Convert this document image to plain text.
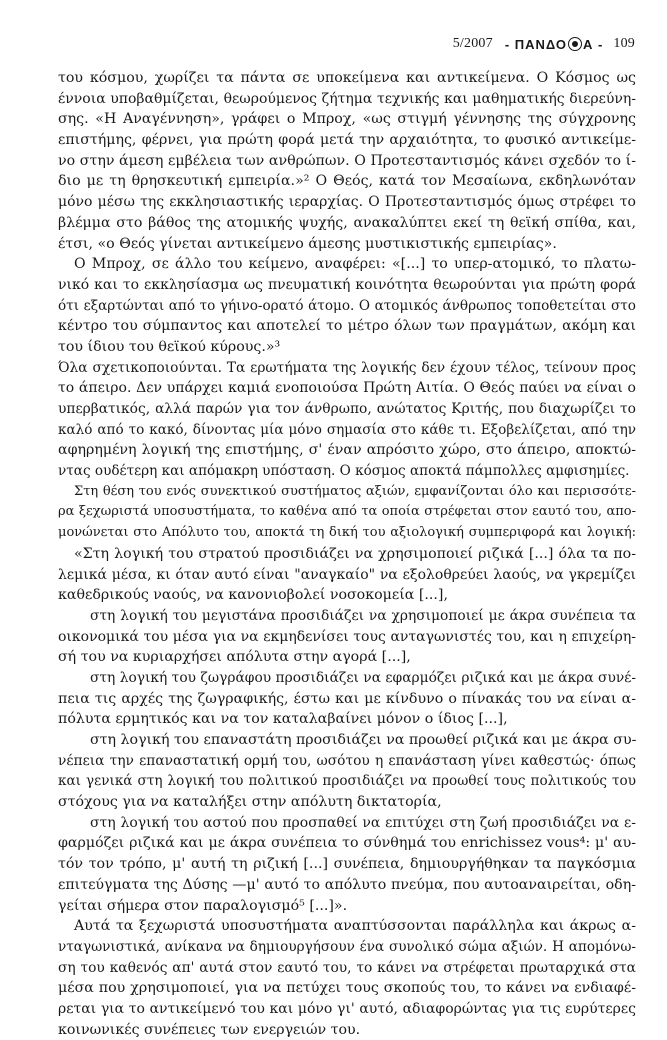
5/2007 - ΠΑΝΔΟ Α - 109
του κόσμου, χωρίζει τα πάντα σε υποκείμενα και αντικείμενα. Ο Κόσμος ως
έννοια υποβαθμίζεται, θεωρούμενος ζήτημα τεχνικής και μαθηματικής διερεύνη-
σης. «Η Αναγέννηση», γράφει ο Μπροχ, «ως στιγμή γέννησης της σύγχρονης
επιστήμης, φέρνει, για πρώτη φορά μετά την αρχαιότητα, το φυσικό αντικείμε-
νο στην άμεση εμβέλεια των ανθρώπων. Ο Προτεσταντισμός κάνει σχεδόν το ί-
διο με τη θρησκευτική εμπειρία.»² Ο Θεός, κατά τον Μεσαίωνα, εκδηλωνόταν
μόνο μέσω της εκκλησιαστικής ιεραρχίας. Ο Προτεσταντισμός όμως στρέφει το
βλέμμα στο βάθος της ατομικής ψυχής, ανακαλύπτει εκεί τη θεϊκή σπίθα, και,
έτσι, «ο Θεός γίνεται αντικείμενο άμεσης μυστικιστικής εμπειρίας».
Ο Μπροχ, σε άλλο του κείμενο, αναφέρει: «[...] το υπερ-ατομικό, το πλατω-
νικό και το εκκλησίασμα ως πνευματική κοινότητα θεωρούνται για πρώτη φορά
ότι εξαρτώνται από το γήινο-ορατό άτομο. Ο ατομικός άνθρωπος τοποθετείται στο
κέντρο του σύμπαντος και αποτελεί το μέτρο όλων των πραγμάτων, ακόμη και
του ίδιου του θεϊκού κύρους.»³
Όλα σχετικοποιούνται. Τα ερωτήματα της λογικής δεν έχουν τέλος, τείνουν προς
το άπειρο. Δεν υπάρχει καμιά ενοποιούσα Πρώτη Αιτία. Ο Θεός παύει να είναι ο
υπερβατικός, αλλά παρών για τον άνθρωπο, ανώτατος Κριτής, που διαχωρίζει το
καλό από το κακό, δίνοντας μία μόνο σημασία στο κάθε τι. Εξοβελίζεται, από την
αφηρημένη λογική της επιστήμης, σ' έναν απρόσιτο χώρο, στο άπειρο, αποκτώ-
ντας ουδέτερη και απόμακρη υπόσταση. Ο κόσμος αποκτά πάμπολλες αμφισημίες.
Στη θέση του ενός συνεκτικού συστήματος αξιών, εμφανίζονται όλο και περισσότε-
ρα ξεχωριστά υποσυστήματα, το καθένα από τα οποία στρέφεται στον εαυτό του, απο-
μονώνεται στο Απόλυτο του, αποκτά τη δική του αξιολογική συμπεριφορά και λογική:
«Στη λογική του στρατού προσιδιάζει να χρησιμοποιεί ριζικά [...] όλα τα πο-
λεμικά μέσα, κι όταν αυτό είναι "αναγκαίο" να εξολοθρεύει λαούς, να γκρεμίζει
καθεδρικούς ναούς, να κανονιοβολεί νοσοκομεία [...],
στη λογική του μεγιστάνα προσιδιάζει να χρησιμοποιεί με άκρα συνέπεια τα
οικονομικά του μέσα για να εκμηδενίσει τους ανταγωνιστές του, και η επιχείρη-
σή του να κυριαρχήσει απόλυτα στην αγορά [...],
στη λογική του ζωγράφου προσιδιάζει να εφαρμόζει ριζικά και με άκρα συνέ-
πεια τις αρχές της ζωγραφικής, έστω και με κίνδυνο ο πίνακάς του να είναι α-
πόλυτα ερμητικός και να τον καταλαβαίνει μόνον ο ίδιος [...],
στη λογική του επαναστάτη προσιδιάζει να προωθεί ριζικά και με άκρα συ-
νέπεια την επαναστατική ορμή του, ωσότου η επανάσταση γίνει καθεστώς· όπως
και γενικά στη λογική του πολιτικού προσιδιάζει να προωθεί τους πολιτικούς του
στόχους για να καταλήξει στην απόλυτη δικτατορία,
στη λογική του αστού που προσπαθεί να επιτύχει στη ζωή προσιδιάζει να ε-
φαρμόζει ριζικά και με άκρα συνέπεια το σύνθημά του enrichissez vous⁴: μ' αυ-
τόν τον τρόπο, μ' αυτή τη ριζική [...] συνέπεια, δημιουργήθηκαν τα παγκόσμια
επιτεύγματα της Δύσης —μ' αυτό το απόλυτο πνεύμα, που αυτοαναιρείται, οδη-
γείται σήμερα στον παραλογισμό⁵ [...]».
Αυτά τα ξεχωριστά υποσυστήματα αναπτύσσονται παράλληλα και άκρως α-
νταγωνιστικά, ανίκανα να δημιουργήσουν ένα συνολικό σώμα αξιών. Η απομόνω-
ση του καθενός απ' αυτά στον εαυτό του, το κάνει να στρέφεται πρωταρχικά στα
μέσα που χρησιμοποιεί, για να πετύχει τους σκοπούς του, το κάνει να ενδιαφέ-
ρεται για το αντικείμενό του και μόνο γι' αυτό, αδιαφορώντας για τις ευρύτερες
κοινωνικές συνέπειες των ενεργειών του.
